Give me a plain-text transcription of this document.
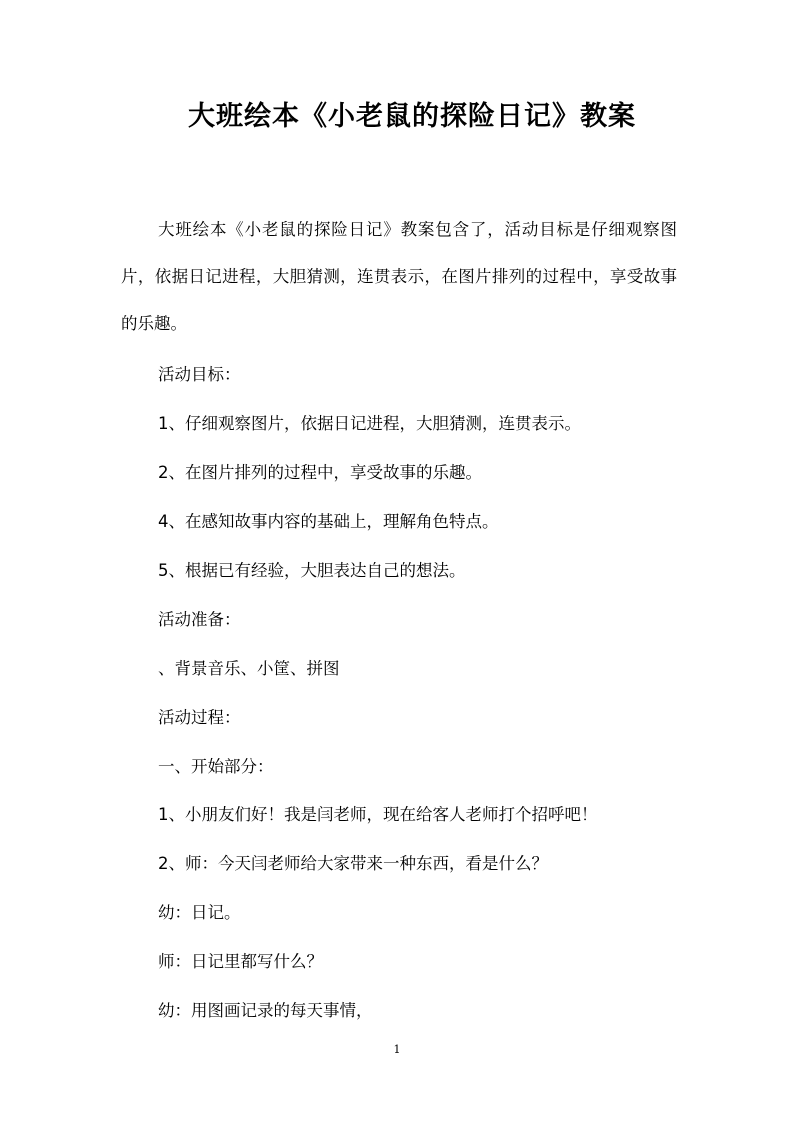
大班绘本《小老鼠的探险日记》教案

大班绘本《小老鼠的探险日记》教案包含了，活动目标是仔细观察图片，依据日记进程，大胆猜测，连贯表示，在图片排列的过程中，享受故事的乐趣。

活动目标：

1、仔细观察图片，依据日记进程，大胆猜测，连贯表示。

2、在图片排列的过程中，享受故事的乐趣。

4、在感知故事内容的基础上，理解角色特点。

5、根据已有经验，大胆表达自己的想法。

活动准备：

、背景音乐、小筐、拼图

活动过程：

一、开始部分：

1、小朋友们好！我是闫老师，现在给客人老师打个招呼吧！

2、师：今天闫老师给大家带来一种东西，看是什么？

幼：日记。

师：日记里都写什么？

幼：用图画记录的每天事情，

1
